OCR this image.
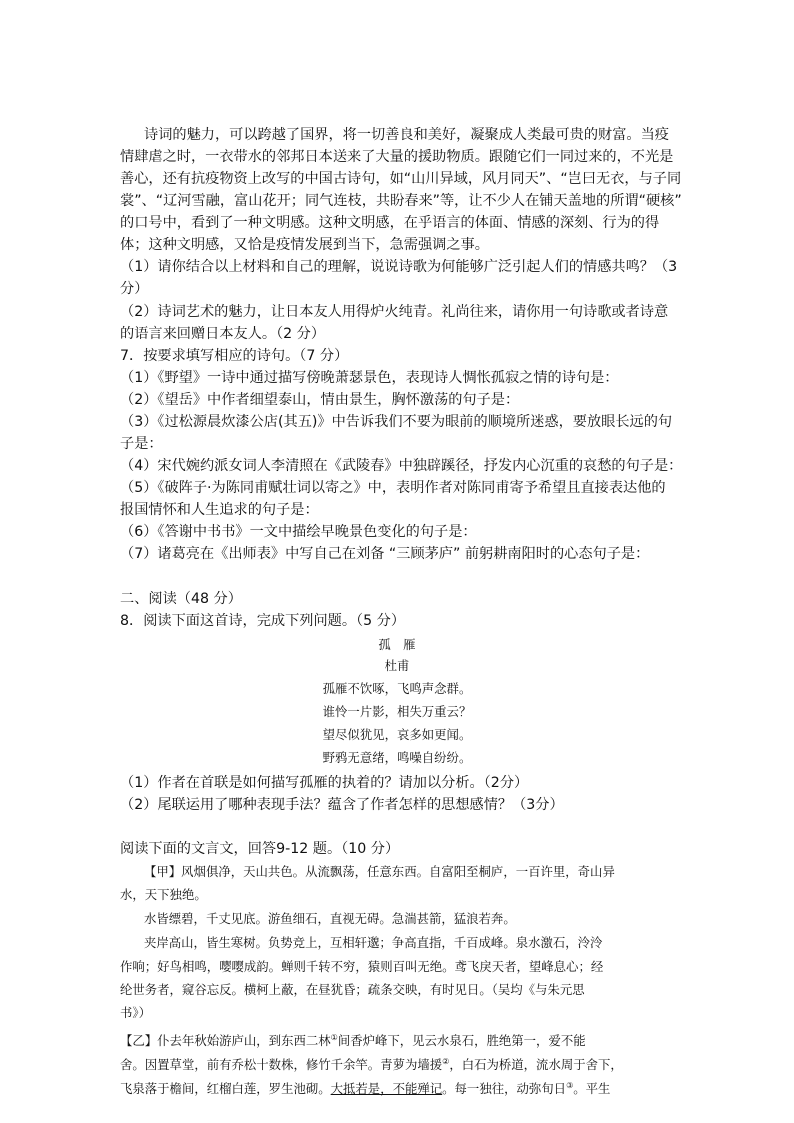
诗词的魅力，可以跨越了国界，将一切善良和美好，凝聚成人类最可贵的财富。当疫
情肆虐之时，一衣带水的邻邦日本送来了大量的援助物质。跟随它们一同过来的，不光是
善心，还有抗疫物资上改写的中国古诗句，如“山川异域，风月同天”、“岂曰无衣，与子同
裳”、“辽河雪融，富山花开；同气连枝，共盼春来”等，让不少人在铺天盖地的所谓“硬核”
的口号中，看到了一种文明感。这种文明感，在乎语言的体面、情感的深刻、行为的得
体；这种文明感，又恰是疫情发展到当下，急需强调之事。
（1）请你结合以上材料和自己的理解，说说诗歌为何能够广泛引起人们的情感共鸣？（3
分）
（2）诗词艺术的魅力，让日本友人用得炉火纯青。礼尚往来，请你用一句诗歌或者诗意
的语言来回赠日本友人。（2 分）
7．按要求填写相应的诗句。（7 分）
（1）《野望》一诗中通过描写傍晚萧瑟景色，表现诗人惆怅孤寂之情的诗句是：
（2）《望岳》中作者细望泰山，情由景生，胸怀激荡的句子是：
（3）《过松源晨炊漆公店(其五)》中告诉我们不要为眼前的顺境所迷惑，要放眼长远的句
子是：
（4）宋代婉约派女词人李清照在《武陵春》中独辟蹊径，抒发内心沉重的哀愁的句子是：
（5）《破阵子·为陈同甫赋壮词以寄之》中，表明作者对陈同甫寄予希望且直接表达他的
报国情怀和人生追求的句子是：
（6）《答谢中书书》一文中描绘早晚景色变化的句子是：
（7）诸葛亮在《出师表》中写自己在刘备 “三顾茅庐” 前躬耕南阳时的心态句子是：
二、阅读（48 分）
8．阅读下面这首诗，完成下列问题。（5 分）
孤　雁
杜甫
孤雁不饮啄，飞鸣声念群。
谁怜一片影，相失万重云？
望尽似犹见，哀多如更闻。
野鸦无意绪，鸣噪自纷纷。
（1）作者在首联是如何描写孤雁的执着的？请加以分析。（2分）
（2）尾联运用了哪种表现手法？蕴含了作者怎样的思想感情？（3分）
阅读下面的文言文，回答9-12 题。（10 分）
【甲】风烟俱净，天山共色。从流飘荡，任意东西。自富阳至桐庐，一百许里，奇山异
水，天下独绝。
水皆缥碧，千丈见底。游鱼细石，直视无碍。急湍甚箭，猛浪若奔。
夹岸高山，皆生寒树。负势竞上，互相轩邈；争高直指，千百成峰。泉水激石，泠泠
作响；好鸟相鸣，嘤嘤成韵。蝉则千转不穷，猿则百叫无绝。鸢飞戾天者，望峰息心；经
纶世务者，窥谷忘反。横柯上蔽，在昼犹昏；疏条交映，有时见日。（吴均《与朱元思
书》）
【乙】仆去年秋始游庐山，到东西二林①间香炉峰下，见云水泉石，胜绝第一，爱不能
舍。因置草堂，前有乔松十数株，修竹千余竿。青萝为墙援②，白石为桥道，流水周于舍下，
飞泉落于檐间，红榴白莲，罗生池砌。大抵若是，不能殚记。每一独往，动弥旬日③。平生
